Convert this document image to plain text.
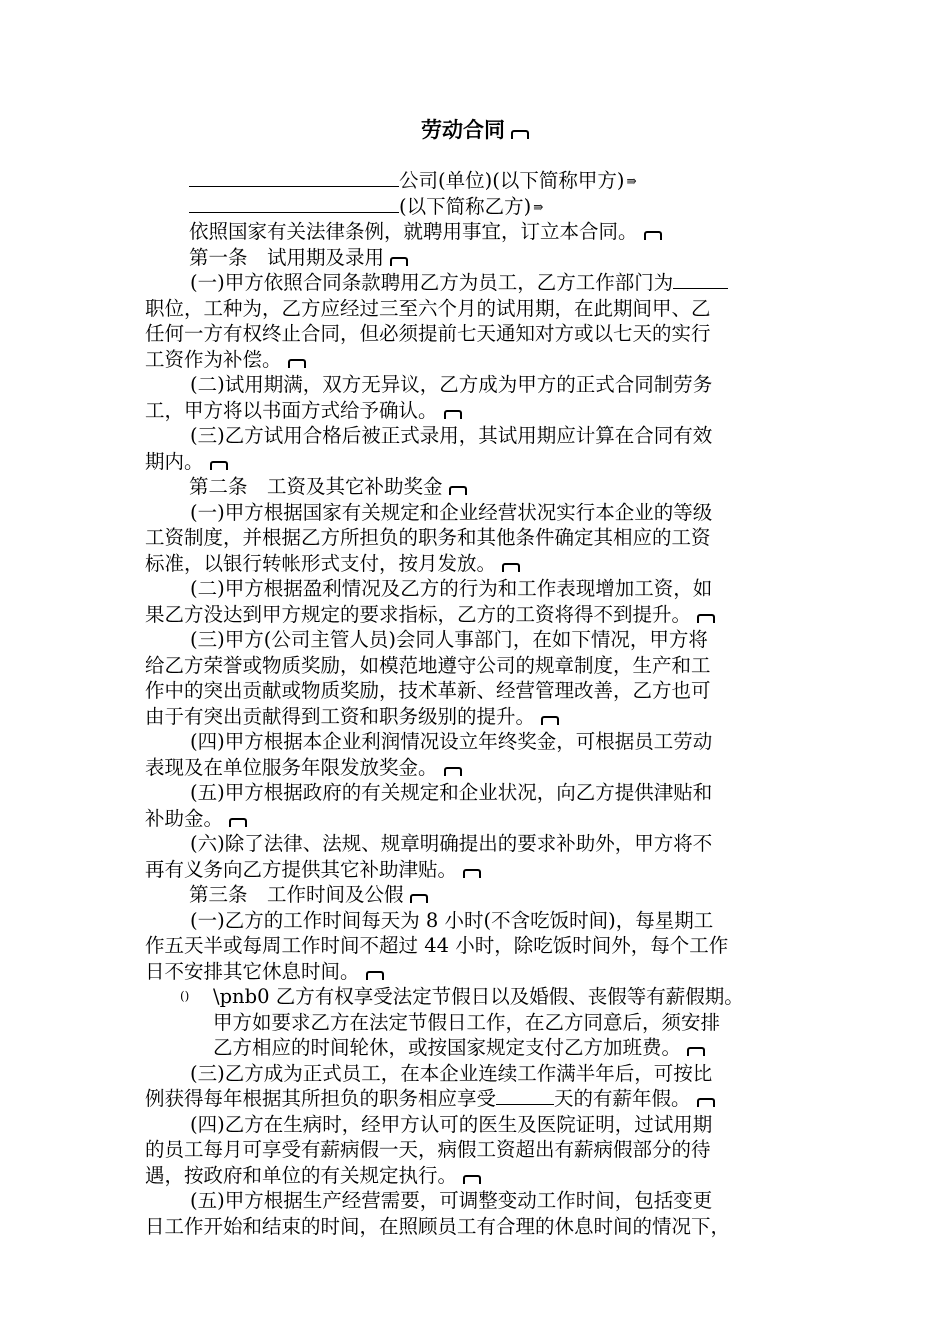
劳动合同
公司(单位)(以下简称甲方) ⇛
(以下简称乙方) ⇛
依照国家有关法律条例，就聘用事宜，订立本合同。
第一条　试用期及录用
(一)甲方依照合同条款聘用乙方为员工，乙方工作部门为
职位，工种为，乙方应经过三至六个月的试用期，在此期间甲、乙
任何一方有权终止合同，但必须提前七天通知对方或以七天的实行
工资作为补偿。
(二)试用期满，双方无异议，乙方成为甲方的正式合同制劳务
工，甲方将以书面方式给予确认。
(三)乙方试用合格后被正式录用，其试用期应计算在合同有效
期内。
第二条　工资及其它补助奖金
(一)甲方根据国家有关规定和企业经营状况实行本企业的等级
工资制度，并根据乙方所担负的职务和其他条件确定其相应的工资
标准，以银行转帐形式支付，按月发放。
(二)甲方根据盈利情况及乙方的行为和工作表现增加工资，如
果乙方没达到甲方规定的要求指标，乙方的工资将得不到提升。
(三)甲方(公司主管人员)会同人事部门，在如下情况，甲方将
给乙方荣誉或物质奖励，如模范地遵守公司的规章制度，生产和工
作中的突出贡献或物质奖励，技术革新、经营管理改善，乙方也可
由于有突出贡献得到工资和职务级别的提升。
(四)甲方根据本企业利润情况设立年终奖金，可根据员工劳动
表现及在单位服务年限发放奖金。
(五)甲方根据政府的有关规定和企业状况，向乙方提供津贴和
补助金。
(六)除了法律、法规、规章明确提出的要求补助外，甲方将不
再有义务向乙方提供其它补助津贴。
第三条　工作时间及公假
(一)乙方的工作时间每天为 8 小时(不含吃饭时间)，每星期工
作五天半或每周工作时间不超过 44 小时，除吃饭时间外，每个工作
日不安排其它休息时间。
() \pnb0 乙方有权享受法定节假日以及婚假、丧假等有薪假期。
甲方如要求乙方在法定节假日工作，在乙方同意后，须安排
乙方相应的时间轮休，或按国家规定支付乙方加班费。
(三)乙方成为正式员工，在本企业连续工作满半年后，可按比
例获得每年根据其所担负的职务相应享受	天的有薪年假。
(四)乙方在生病时，经甲方认可的医生及医院证明，过试用期
的员工每月可享受有薪病假一天，病假工资超出有薪病假部分的待
遇，按政府和单位的有关规定执行。
(五)甲方根据生产经营需要，可调整变动工作时间，包括变更
日工作开始和结束的时间，在照顾员工有合理的休息时间的情况下，
